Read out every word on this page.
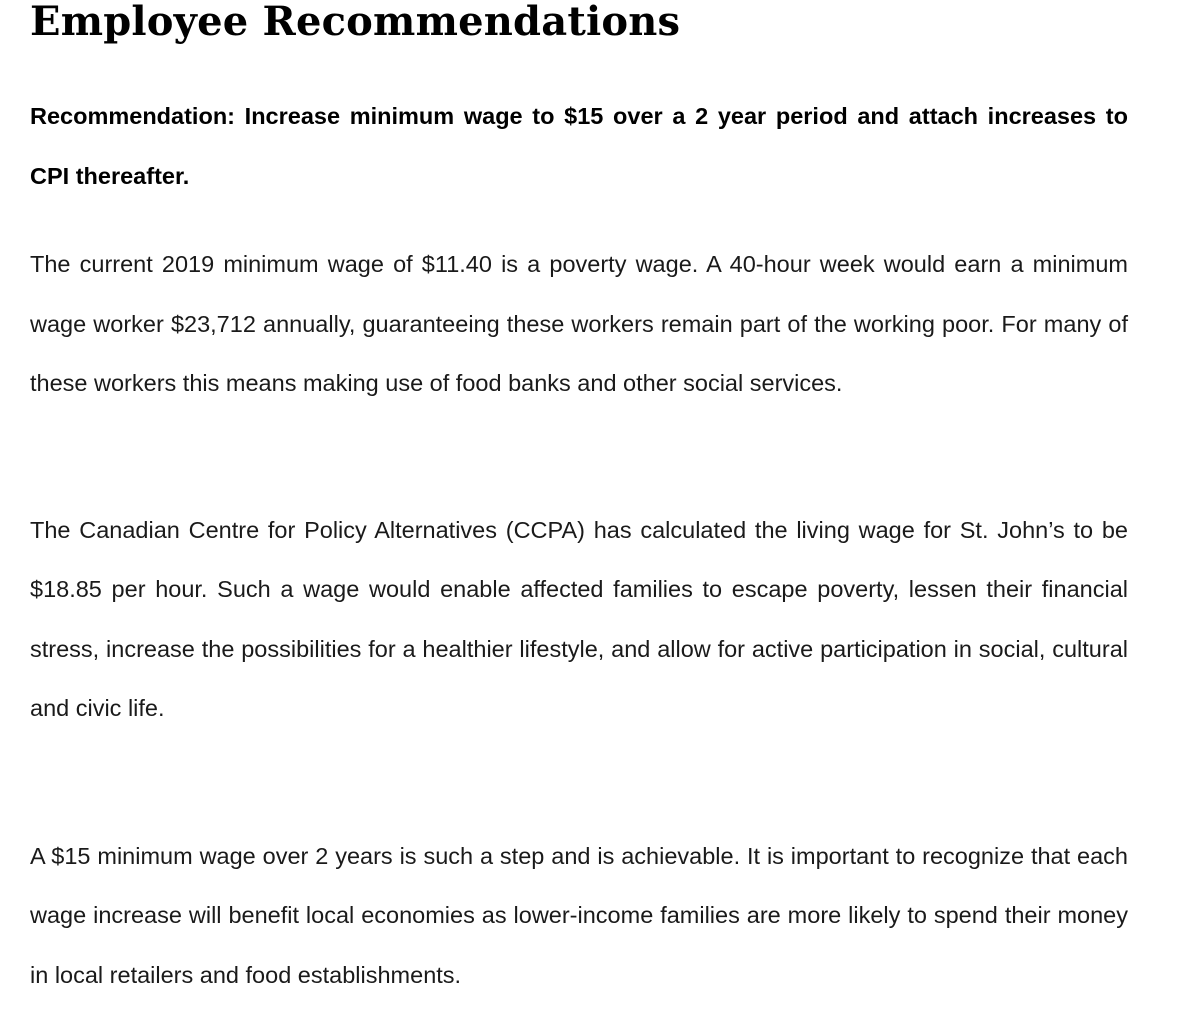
Employee Recommendations

Recommendation: Increase minimum wage to $15 over a 2 year period and attach increases to CPI thereafter.

The current 2019 minimum wage of $11.40 is a poverty wage. A 40-hour week would earn a minimum wage worker $23,712 annually, guaranteeing these workers remain part of the working poor. For many of these workers this means making use of food banks and other social services.

The Canadian Centre for Policy Alternatives (CCPA) has calculated the living wage for St. John’s to be $18.85 per hour. Such a wage would enable affected families to escape poverty, lessen their financial stress, increase the possibilities for a healthier lifestyle, and allow for active participation in social, cultural and civic life.

A $15 minimum wage over 2 years is such a step and is achievable. It is important to recognize that each wage increase will benefit local economies as lower-income families are more likely to spend their money in local retailers and food establishments.
